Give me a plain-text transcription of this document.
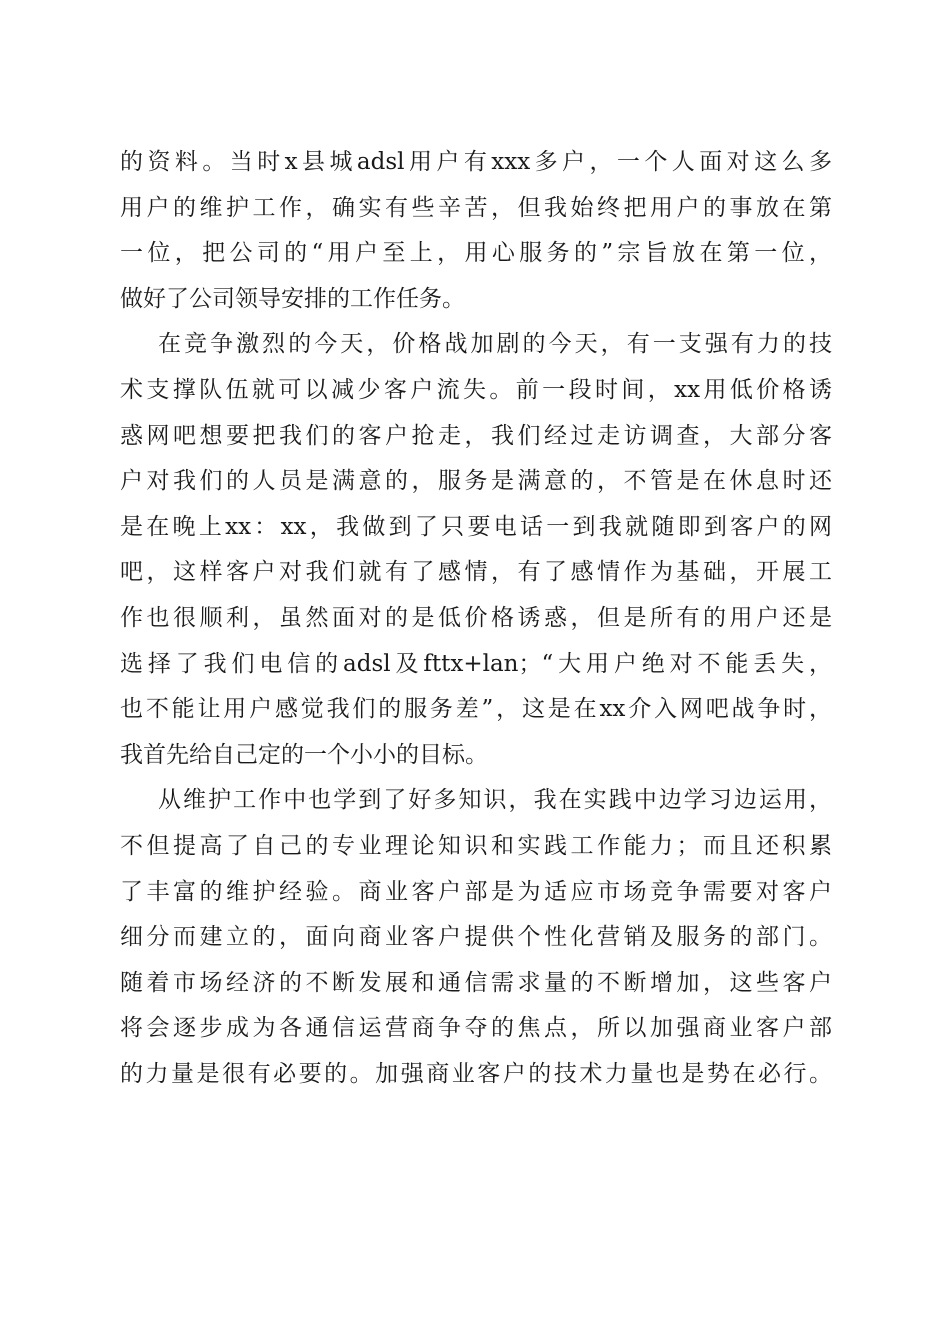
的资料。当时x县城adsl用户有xxx多户，一个人面对这么多
用户的维护工作，确实有些辛苦，但我始终把用户的事放在第
一位，把公司的“用户至上，用心服务的”宗旨放在第一位，
做好了公司领导安排的工作任务。
在竞争激烈的今天，价格战加剧的今天，有一支强有力的技
术支撑队伍就可以减少客户流失。前一段时间，xx用低价格诱
惑网吧想要把我们的客户抢走，我们经过走访调查，大部分客
户对我们的人员是满意的，服务是满意的，不管是在休息时还
是在晚上xx：xx，我做到了只要电话一到我就随即到客户的网
吧，这样客户对我们就有了感情，有了感情作为基础，开展工
作也很顺利，虽然面对的是低价格诱惑，但是所有的用户还是
选择了我们电信的adsl及fttx+lan；“大用户绝对不能丢失，
也不能让用户感觉我们的服务差”，这是在xx介入网吧战争时，
我首先给自己定的一个小小的目标。
从维护工作中也学到了好多知识，我在实践中边学习边运用，
不但提高了自己的专业理论知识和实践工作能力；而且还积累
了丰富的维护经验。商业客户部是为适应市场竞争需要对客户
细分而建立的，面向商业客户提供个性化营销及服务的部门。
随着市场经济的不断发展和通信需求量的不断增加，这些客户
将会逐步成为各通信运营商争夺的焦点，所以加强商业客户部
的力量是很有必要的。加强商业客户的技术力量也是势在必行。
